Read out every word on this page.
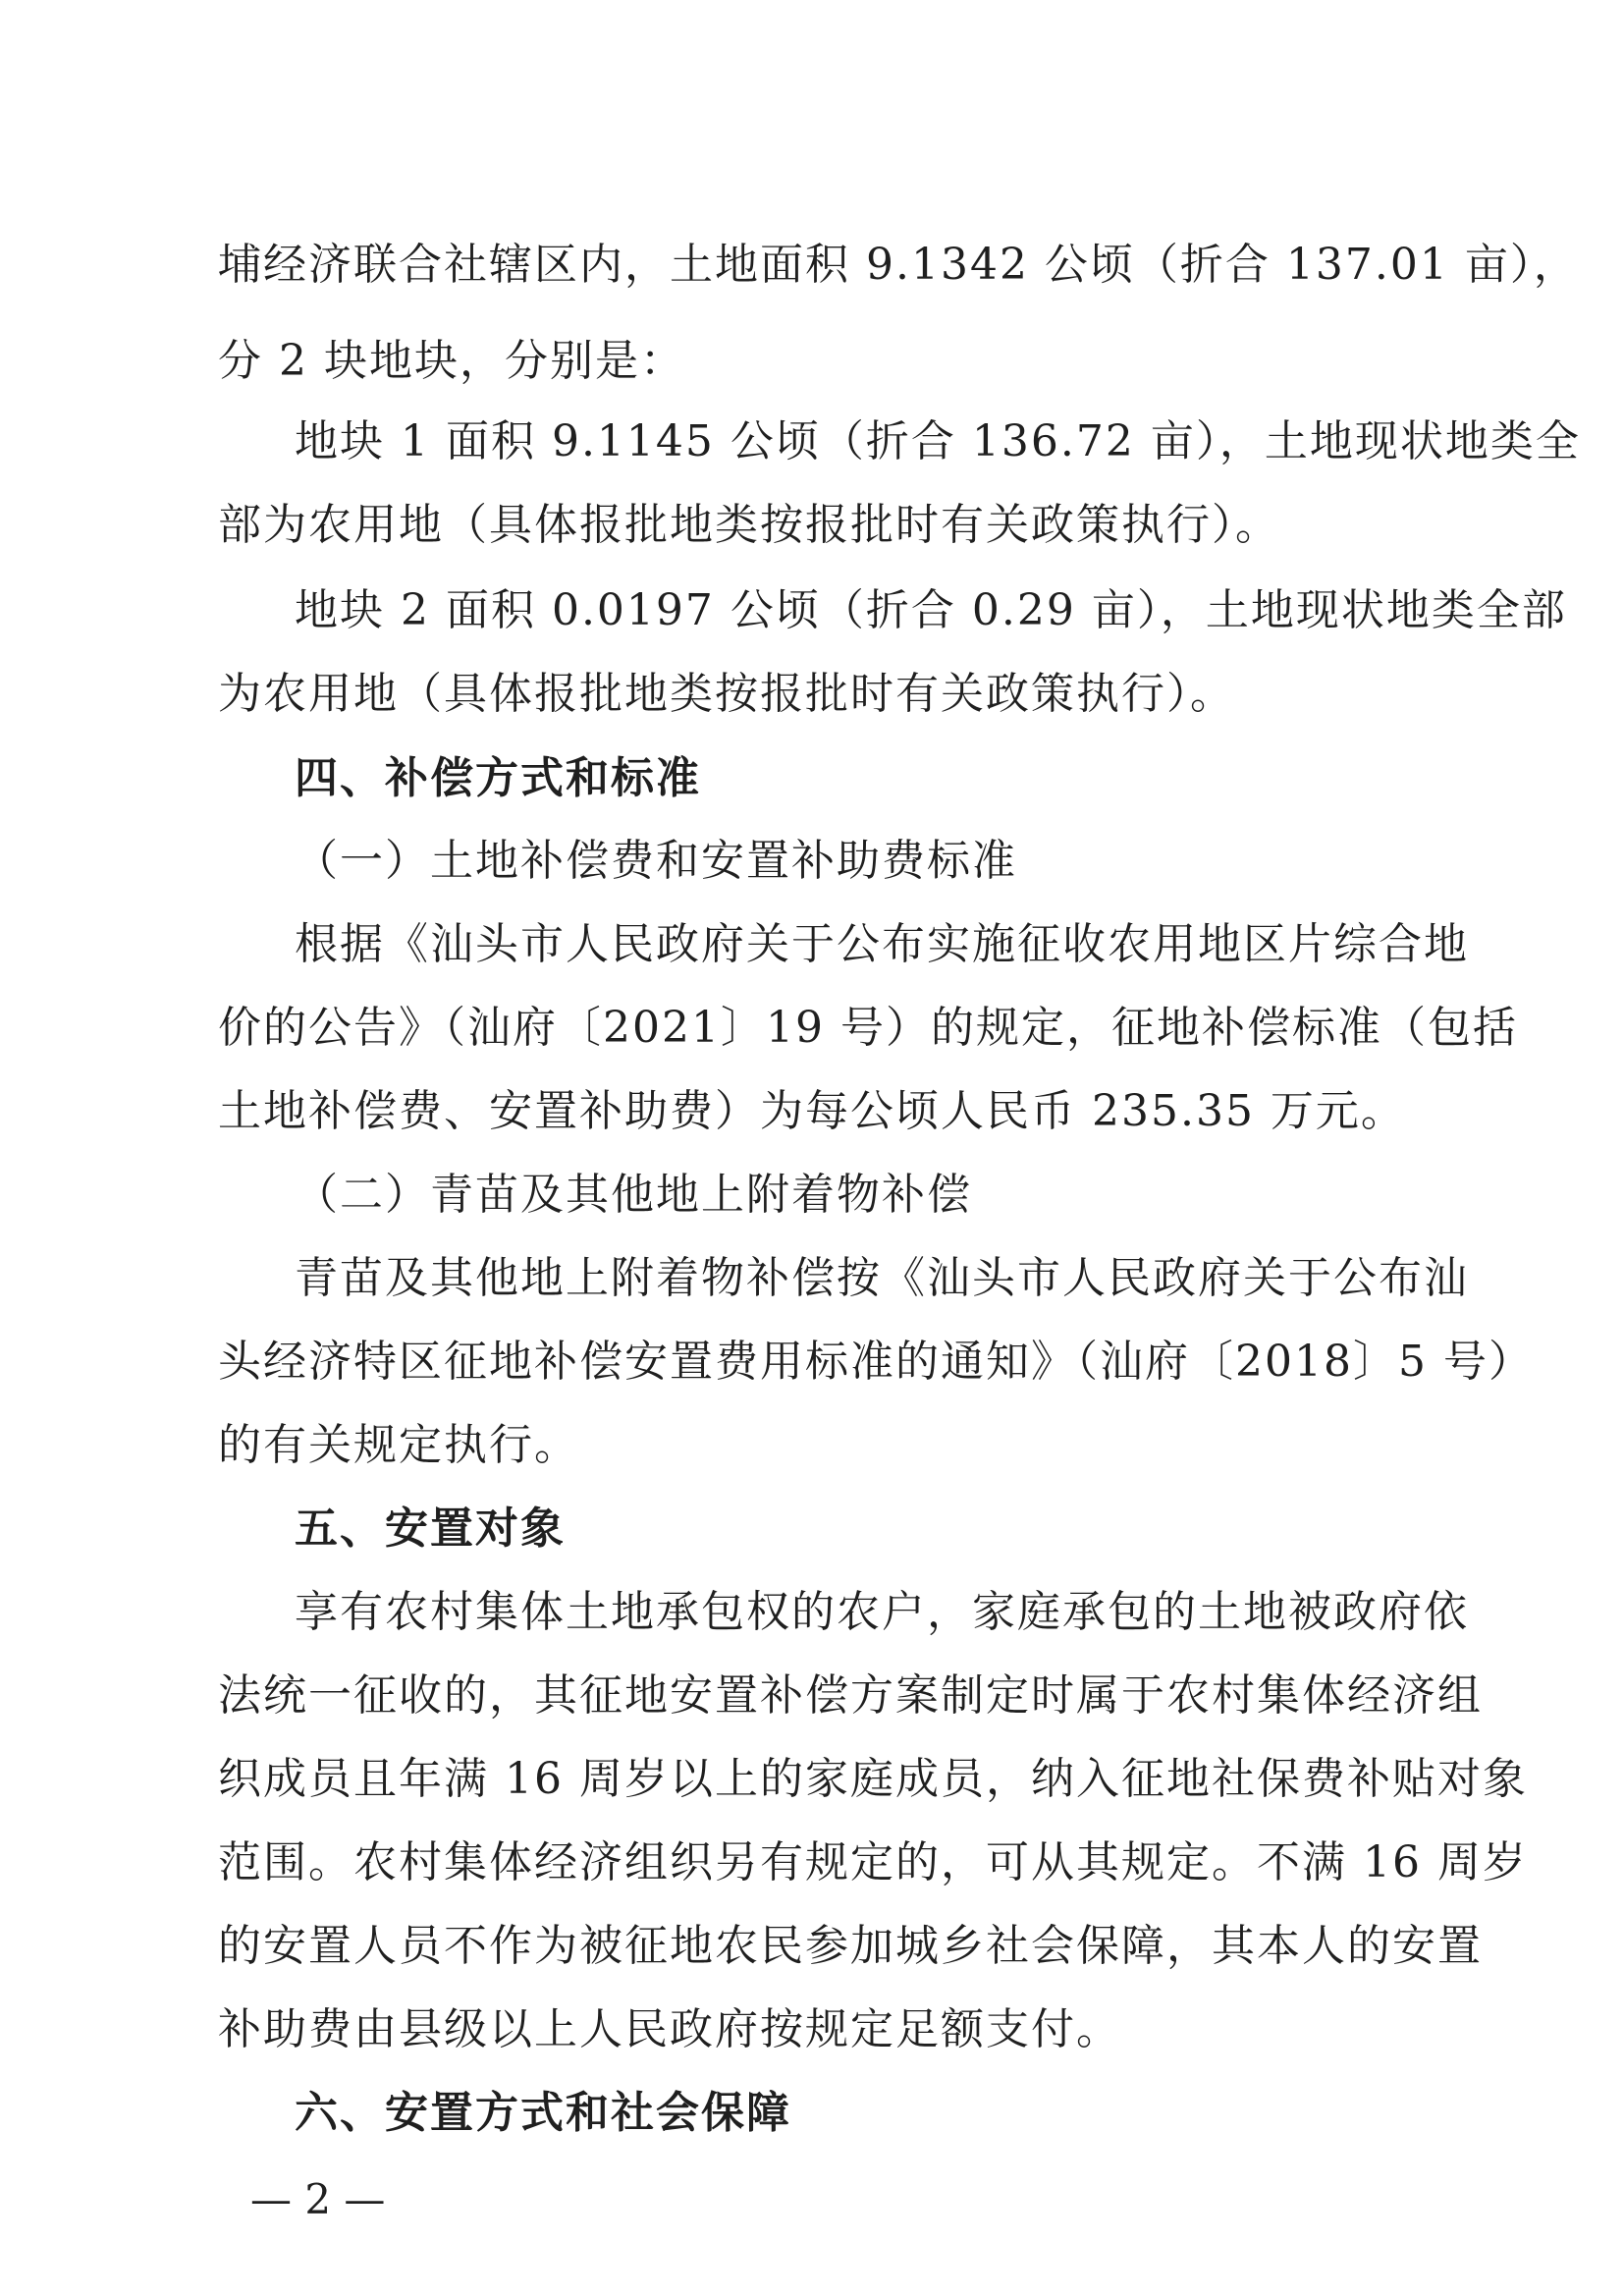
埔经济联合社辖区内，土地面积 9.1342 公顷（折合 137.01 亩），
分 2 块地块，分别是：
地块 1 面积 9.1145 公顷（折合 136.72 亩），土地现状地类全
部为农用地（具体报批地类按报批时有关政策执行）。
地块 2 面积 0.0197 公顷（折合 0.29 亩），土地现状地类全部
为农用地（具体报批地类按报批时有关政策执行）。
四、补偿方式和标准
（一）土地补偿费和安置补助费标准
根据《汕头市人民政府关于公布实施征收农用地区片综合地
价的公告》（汕府〔2021〕19 号）的规定，征地补偿标准（包括
土地补偿费、安置补助费）为每公顷人民币 235.35 万元。
（二）青苗及其他地上附着物补偿
青苗及其他地上附着物补偿按《汕头市人民政府关于公布汕
头经济特区征地补偿安置费用标准的通知》（汕府〔2018〕5 号）
的有关规定执行。
五、安置对象
享有农村集体土地承包权的农户，家庭承包的土地被政府依
法统一征收的，其征地安置补偿方案制定时属于农村集体经济组
织成员且年满 16 周岁以上的家庭成员，纳入征地社保费补贴对象
范围。农村集体经济组织另有规定的，可从其规定。不满 16 周岁
的安置人员不作为被征地农民参加城乡社会保障，其本人的安置
补助费由县级以上人民政府按规定足额支付。
六、安置方式和社会保障
— 2 —
